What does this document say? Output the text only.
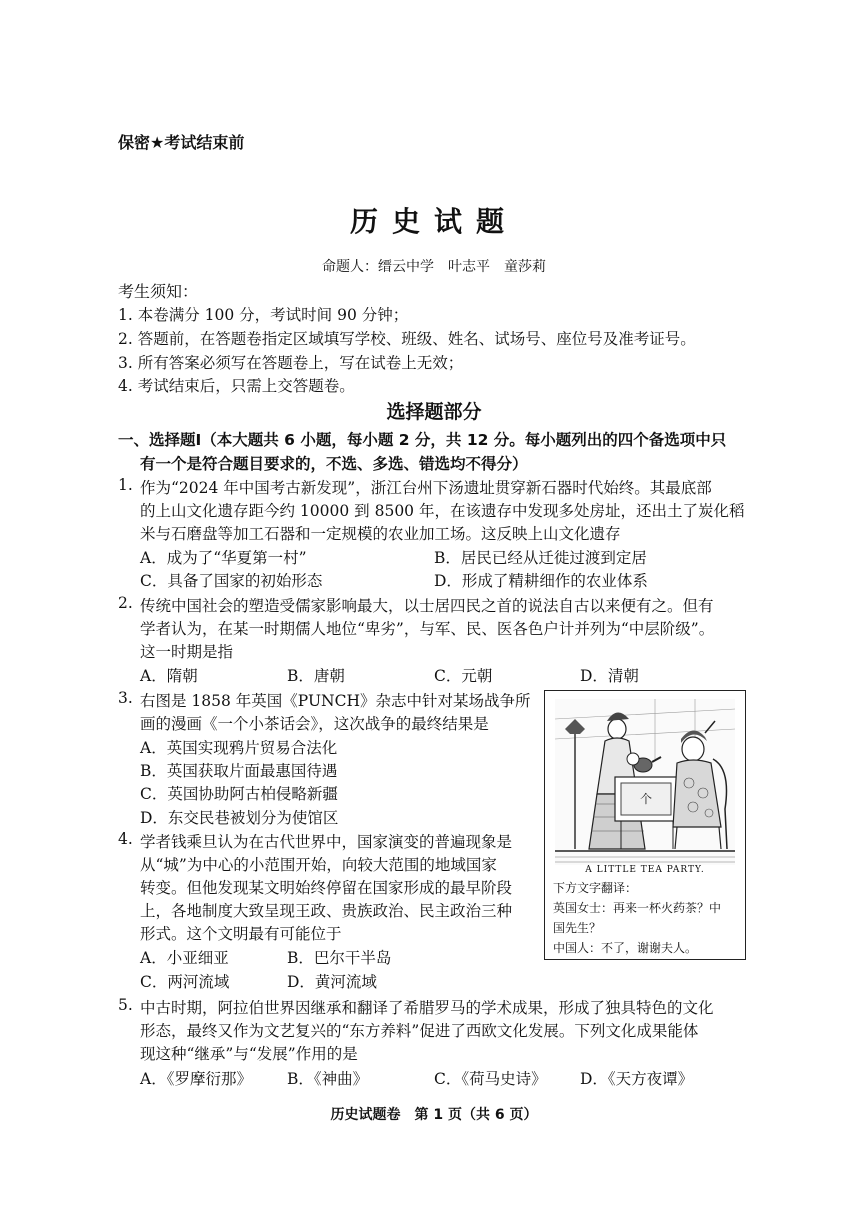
保密★考试结束前
历史试题
命题人：缙云中学　叶志平　童莎莉
考生须知：
1. 本卷满分 100 分，考试时间 90 分钟；
2. 答题前，在答题卷指定区域填写学校、班级、姓名、试场号、座位号及准考证号。
3. 所有答案必须写在答题卷上，写在试卷上无效；
4. 考试结束后，只需上交答题卷。
选择题部分
一、选择题Ⅰ（本大题共 6 小题，每小题 2 分，共 12 分。每小题列出的四个备选项中只
有一个是符合题目要求的，不选、多选、错选均不得分）
1. 作为“2024 年中国考古新发现”，浙江台州下汤遗址贯穿新石器时代始终。其最底部
的上山文化遗存距今约 10000 到 8500 年，在该遗存中发现多处房址，还出土了炭化稻
米与石磨盘等加工石器和一定规模的农业加工场。这反映上山文化遗存
A．成为了“华夏第一村”	B．居民已经从迁徙过渡到定居
C．具备了国家的初始形态	D．形成了精耕细作的农业体系
2. 传统中国社会的塑造受儒家影响最大，以士居四民之首的说法自古以来便有之。但有
学者认为，在某一时期儒人地位“卑劣”，与军、民、医各色户计并列为“中层阶级”。
这一时期是指
A．隋朝	B．唐朝	C．元朝	D．清朝
3. 右图是 1858 年英国《PUNCH》杂志中针对某场战争所
画的漫画《一个小茶话会》，这次战争的最终结果是
A．英国实现鸦片贸易合法化
B．英国获取片面最惠国待遇
C．英国协助阿古柏侵略新疆
D．东交民巷被划分为使馆区
4. 学者钱乘旦认为在古代世界中，国家演变的普遍现象是
从“城”为中心的小范围开始，向较大范围的地域国家
转变。但他发现某文明始终停留在国家形成的最早阶段
上，各地制度大致呈现王政、贵族政治、民主政治三种
形式。这个文明最有可能位于
A．小亚细亚	B．巴尔干半岛
C．两河流域	D．黄河流域
个
A LITTLE TEA PARTY.
下方文字翻译：
英国女士：再来一杯火药茶？中
国先生？
中国人：不了，谢谢夫人。
5. 中古时期，阿拉伯世界因继承和翻译了希腊罗马的学术成果，形成了独具特色的文化
形态，最终又作为文艺复兴的“东方养料”促进了西欧文化发展。下列文化成果能体
现这种“继承”与“发展”作用的是
A．《罗摩衍那》 B．《神曲》	C．《荷马史诗》 D．《天方夜谭》
历史试题卷　第 1 页（共 6 页）
